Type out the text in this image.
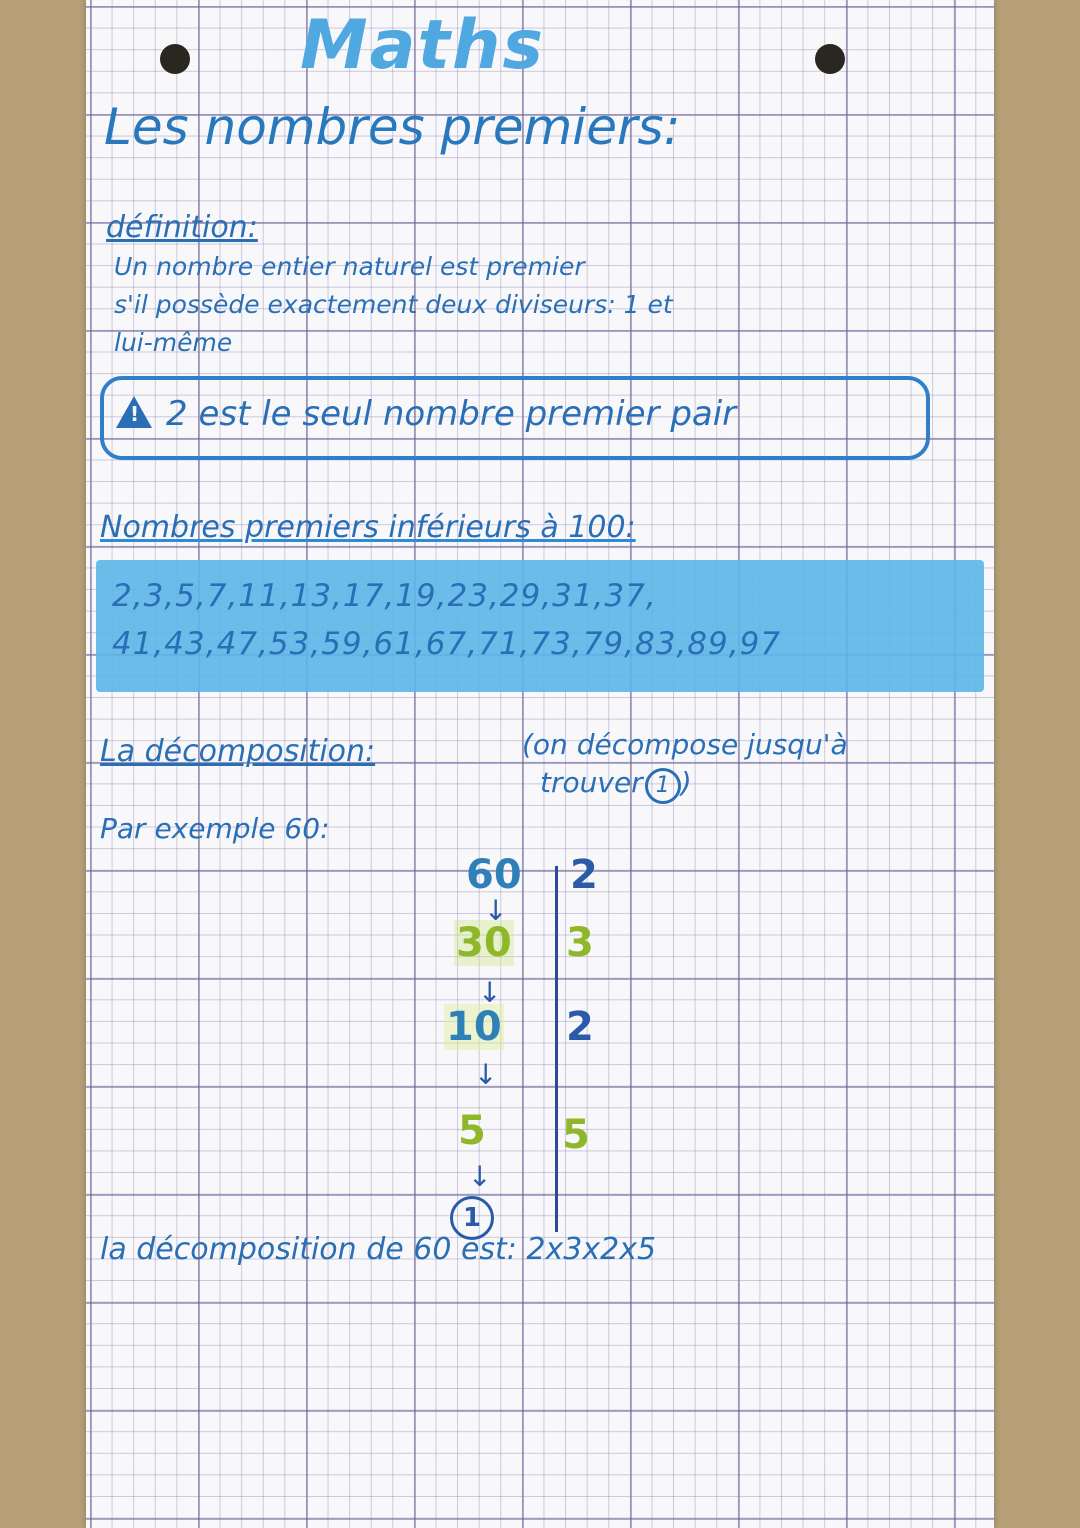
Maths
Les nombres premiers:
définition:
Un nombre entier naturel est premier
s'il possède exactement deux diviseurs: 1 et
lui-même
!
2 est le seul nombre premier pair
Nombres premiers inférieurs à 100:
2,3,5,7,11,13,17,19,23,29,31,37,
41,43,47,53,59,61,67,71,73,79,83,89,97
La décomposition:	(on décompose jusqu'à
trouver 1 )
Par exemple 60:
60 2
↓
30 3
↓
10 2
↓
5 5
↓
1
la décomposition de 60 est: 2x3x2x5
